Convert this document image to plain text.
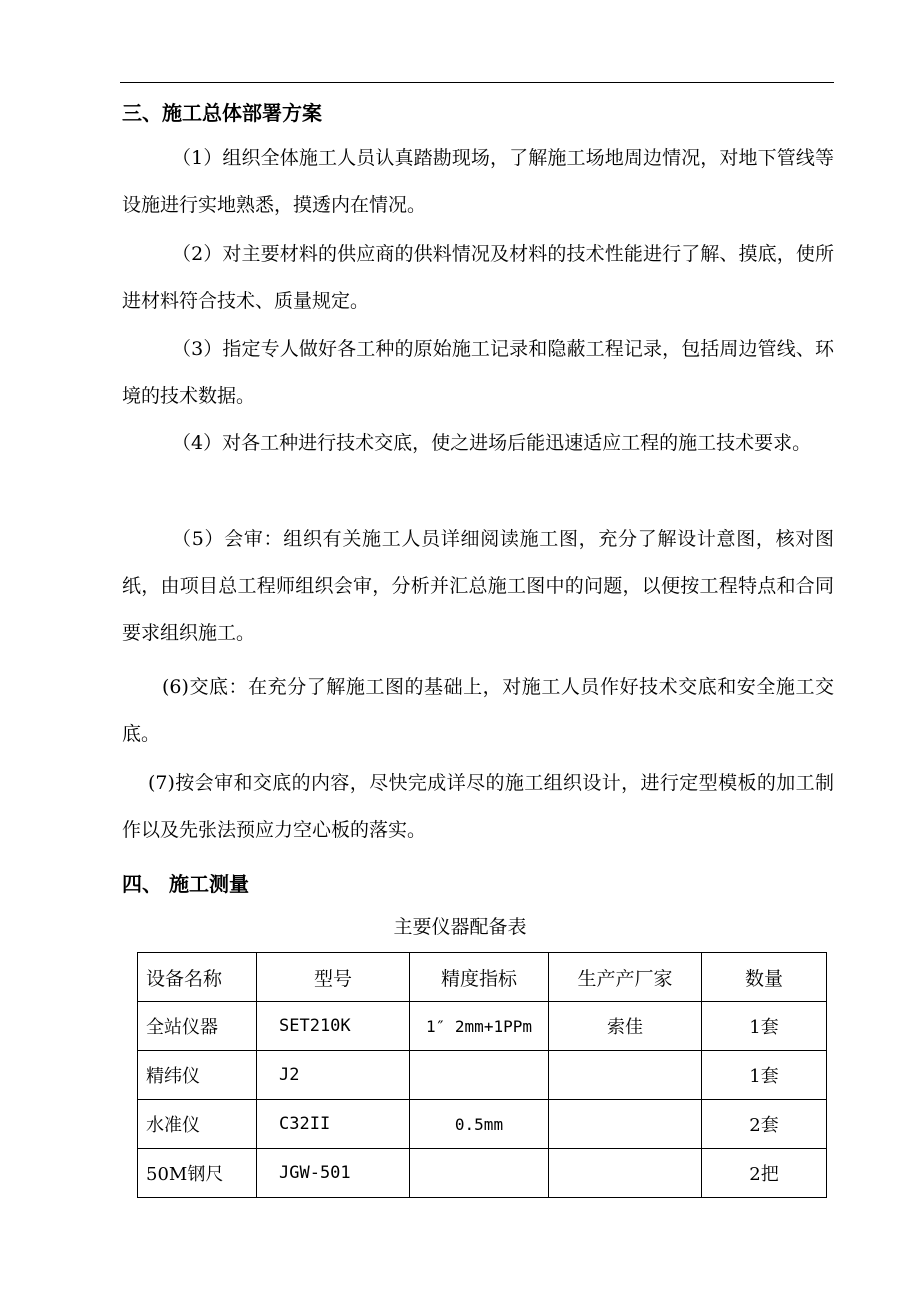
三、施工总体部署方案
（1）组织全体施工人员认真踏勘现场，了解施工场地周边情况，对地下管线等设施进行实地熟悉，摸透内在情况。
（2）对主要材料的供应商的供料情况及材料的技术性能进行了解、摸底，使所进材料符合技术、质量规定。
（3）指定专人做好各工种的原始施工记录和隐蔽工程记录，包括周边管线、环境的技术数据。
（4）对各工种进行技术交底，使之进场后能迅速适应工程的施工技术要求。
（5）会审：组织有关施工人员详细阅读施工图，充分了解设计意图，核对图纸，由项目总工程师组织会审，分析并汇总施工图中的问题，以便按工程特点和合同要求组织施工。
(6)交底：在充分了解施工图的基础上，对施工人员作好技术交底和安全施工交底。
(7)按会审和交底的内容，尽快完成详尽的施工组织设计，进行定型模板的加工制作以及先张法预应力空心板的落实。
四、 施工测量
主要仪器配备表
设备名称	型号	精度指标	生产产厂家	数量
全站仪器	SET210K	1″ 2mm+1PPm	索佳	1套
精纬仪	J2			1套
水准仪	C32II	0.5mm		2套
50M钢尺	JGW-501			2把
